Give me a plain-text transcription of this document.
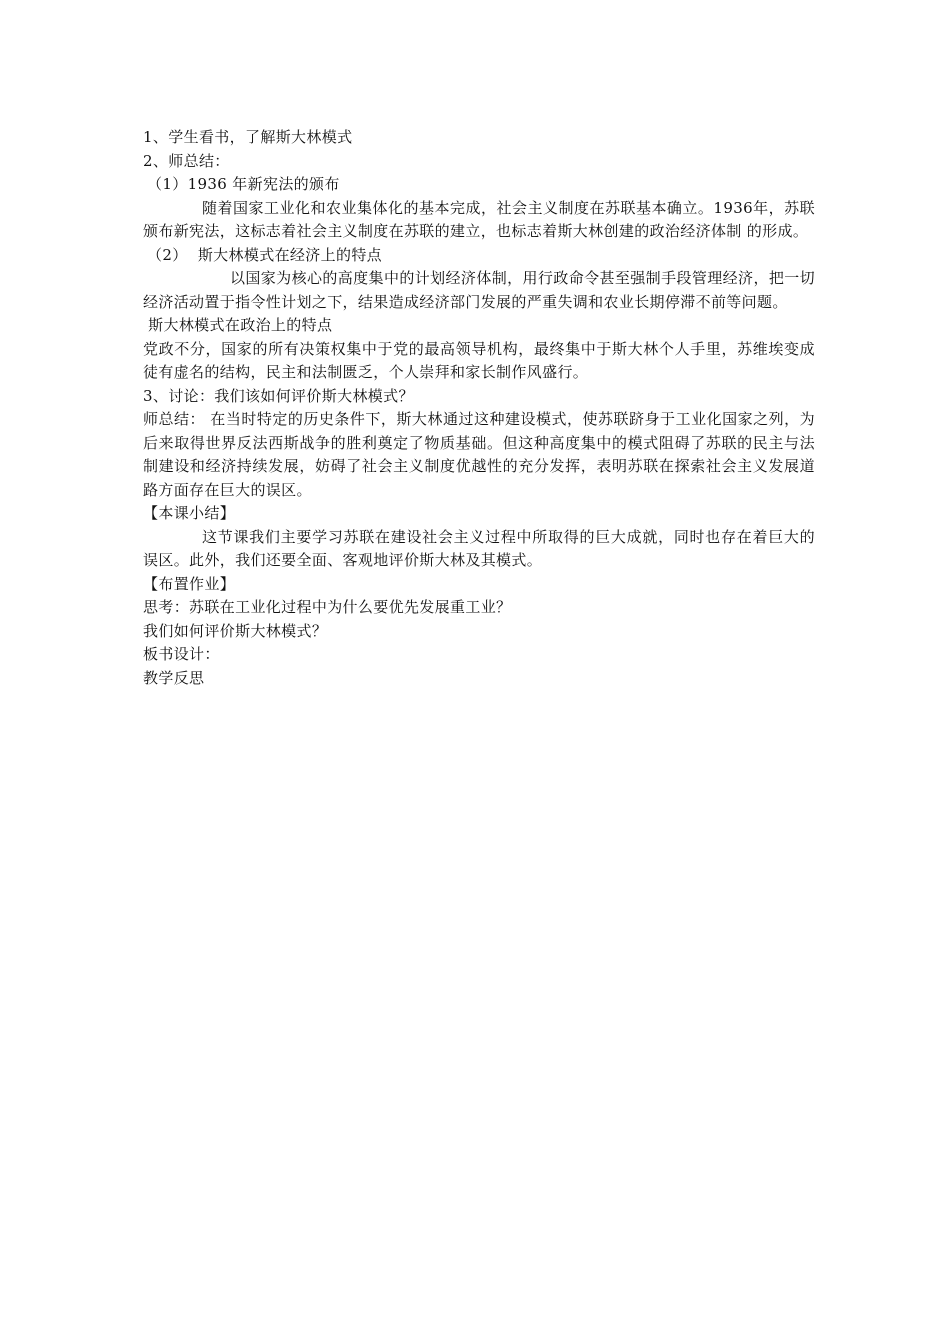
1、学生看书，了解斯大林模式
2、师总结：
（1）1936 年新宪法的颁布

随着国家工业化和农业集体化的基本完成，社会主义制度在苏联基本确立。1936年，苏联颁布新宪法，这标志着社会主义制度在苏联的建立，也标志着斯大林创建的政治经济体制 的形成。

（2）  斯大林模式在经济上的特点

以国家为核心的高度集中的计划经济体制，用行政命令甚至强制手段管理经济，把一切经济活动置于指令性计划之下，结果造成经济部门发展的严重失调和农业长期停滞不前等问题。

斯大林模式在政治上的特点

党政不分，国家的所有决策权集中于党的最高领导机构，最终集中于斯大林个人手里，苏维埃变成徒有虚名的结构，民主和法制匮乏，个人崇拜和家长制作风盛行。

3、讨论：我们该如何评价斯大林模式？

师总结： 在当时特定的历史条件下，斯大林通过这种建设模式，使苏联跻身于工业化国家之列，为后来取得世界反法西斯战争的胜利奠定了物质基础。但这种高度集中的模式阻碍了苏联的民主与法制建设和经济持续发展，妨碍了社会主义制度优越性的充分发挥，表明苏联在探索社会主义发展道路方面存在巨大的误区。

【本课小结】

这节课我们主要学习苏联在建设社会主义过程中所取得的巨大成就，同时也存在着巨大的误区。此外，我们还要全面、客观地评价斯大林及其模式。

【布置作业】
思考：苏联在工业化过程中为什么要优先发展重工业？
我们如何评价斯大林模式？
板书设计：
教学反思
